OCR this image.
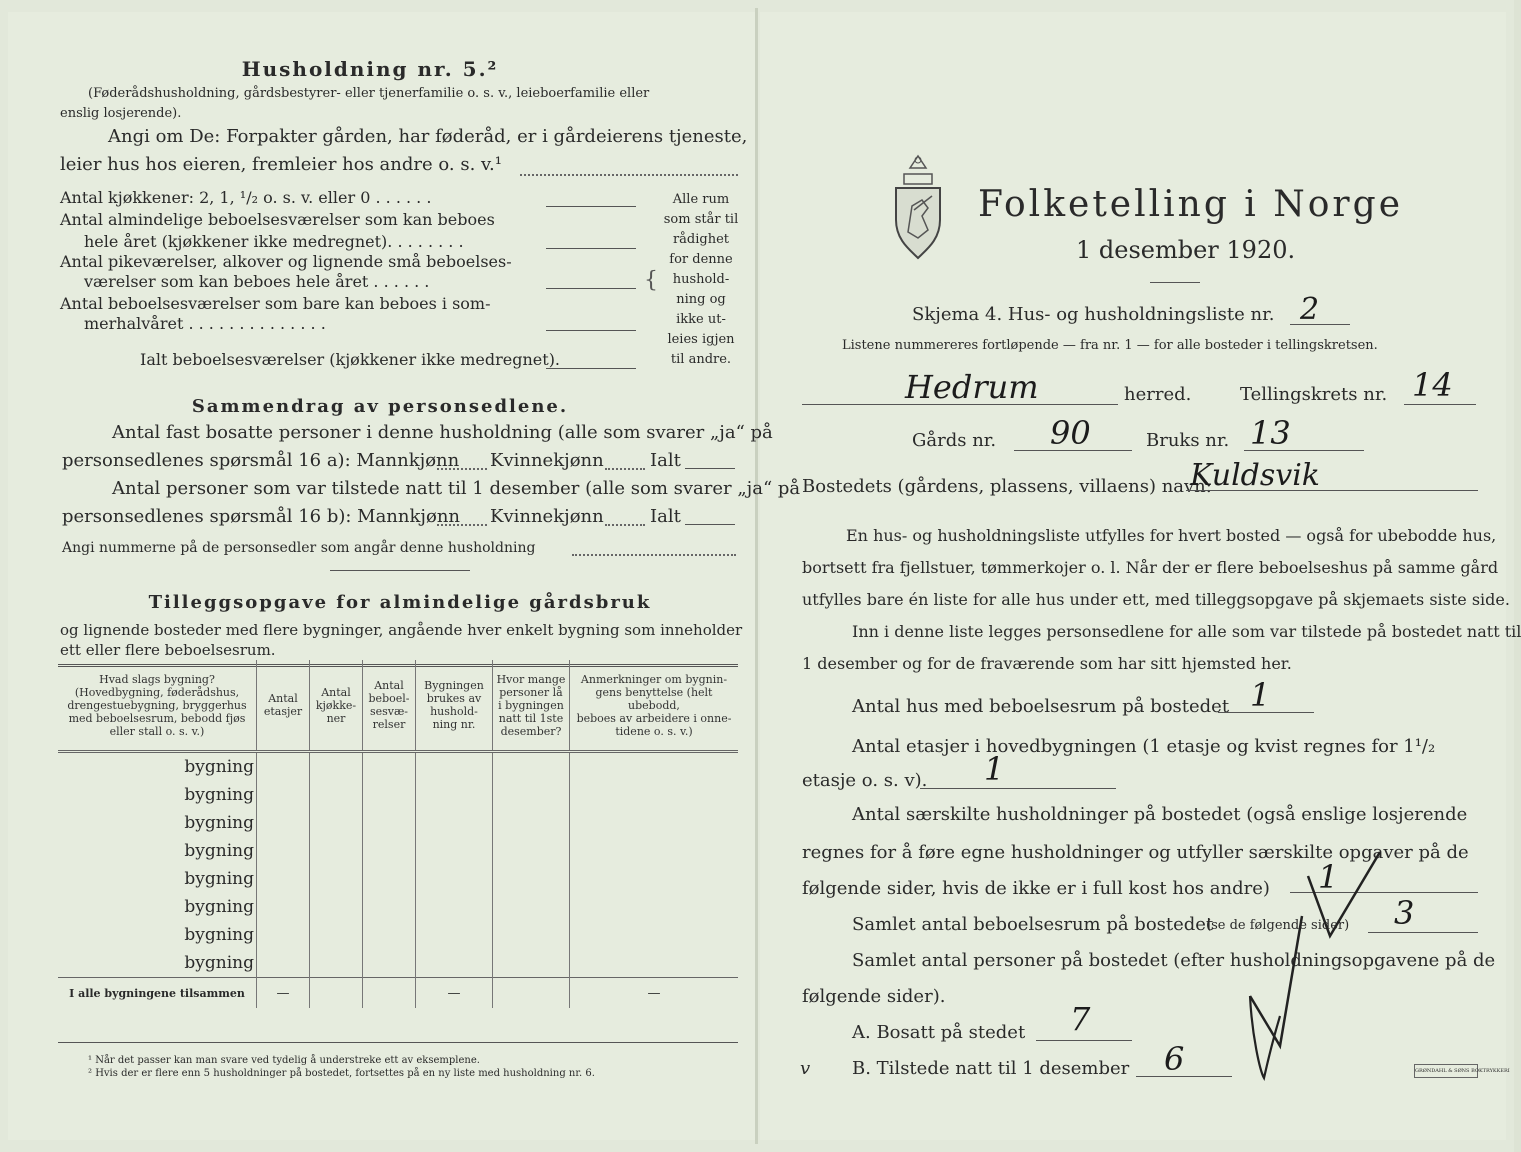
Husholdning nr. 5.²
(Føderådshusholdning, gårdsbestyrer- eller tjenerfamilie o. s. v., leieboerfamilie eller
enslig losjerende).
Angi om De: Forpakter gården, har føderåd, er i gårdeierens tjeneste,
leier hus hos eieren, fremleier hos andre o. s. v.¹
Antal kjøkkener: 2, 1, ¹/₂ o. s. v. eller 0 . . . . . .
Antal almindelige beboelsesværelser som kan beboes
hele året (kjøkkener ikke medregnet). . . . . . . .
Antal pikeværelser, alkover og lignende små beboelses-
værelser som kan beboes hele året . . . . . .
Antal beboelsesværelser som bare kan beboes i som-
merhalvåret . . . . . . . . . . . . . .
Ialt beboelsesværelser (kjøkkener ikke medregnet).
{
Alle rum
som står til
rådighet
for denne
hushold-
ning og
ikke ut-
leies igjen
til andre.
Sammendrag av personsedlene.
Antal fast bosatte personer i denne husholdning (alle som svarer „ja“ på
personsedlenes spørsmål 16 a): Mannkjønn Kvinnekjønn	Ialt
Antal personer som var tilstede natt til 1 desember (alle som svarer „ja“ på
personsedlenes spørsmål 16 b): Mannkjønn Kvinnekjønn	Ialt
Angi nummerne på de personsedler som angår denne husholdning
Tilleggsopgave for almindelige gårdsbruk
og lignende bosteder med flere bygninger, angående hver enkelt bygning som inneholder
ett eller flere beboelsesrum.
Hvad slags bygning?
(Hovedbygning, føderådshus, drengestuebygning, bryggerhus med beboelsesrum, bebodd fjøs eller stall o. s. v.)	Antal
etasjer	Antal
kjøkke-
ner	Antal
beboel-
sesvæ-
relser	Bygningen
brukes av
hushold-
ning nr.	Hvor mange
personer lå
i bygningen
natt til 1ste
desember?	Anmerkninger om bygnin-
gens benyttelse (helt ubebodd,
beboes av arbeidere i onne-
tidene o. s. v.)
bygning						
bygning						
bygning						
bygning						
bygning						
bygning						
bygning						
bygning						
I alle bygningene tilsammen	—			—		—
¹ Når det passer kan man svare ved tydelig å understreke ett av eksemplene.
² Hvis der er flere enn 5 husholdninger på bostedet, fortsettes på en ny liste med husholdning nr. 6.
Folketelling i Norge
1 desember 1920.
Skjema 4. Hus- og husholdningsliste nr. 2
Listene nummereres fortløpende — fra nr. 1 — for alle bosteder i tellingskretsen.
Hedrum	herred.	Tellingskrets nr. 14
Gårds nr. 90	Bruks nr. 13
Bostedets (gårdens, plassens, villaens) navn:
Kuldsvik
En hus- og husholdningsliste utfylles for hvert bosted — også for ubebodde hus,
bortsett fra fjellstuer, tømmerkojer o. l. Når der er flere beboelseshus på samme gård
utfylles bare én liste for alle hus under ett, med tilleggsopgave på skjemaets siste side.
Inn i denne liste legges personsedlene for alle som var tilstede på bostedet natt til
1 desember og for de fraværende som har sitt hjemsted her.
Antal hus med beboelsesrum på bostedet 1
Antal etasjer i hovedbygningen (1 etasje og kvist regnes for 1¹/₂
etasje o. s. v). 1
Antal særskilte husholdninger på bostedet (også enslige losjerende
regnes for å føre egne husholdninger og utfyller særskilte opgaver på de
følgende sider, hvis de ikke er i full kost hos andre) 1
Samlet antal beboelsesrum på bostedet
(se de følgende sider) 3
Samlet antal personer på bostedet (efter husholdningsopgavene på de
følgende sider).
A. Bosatt på stedet 7
v B. Tilstede natt til 1 desember 6	GRØNDAHL & SØNS BOKTRYKKERI
